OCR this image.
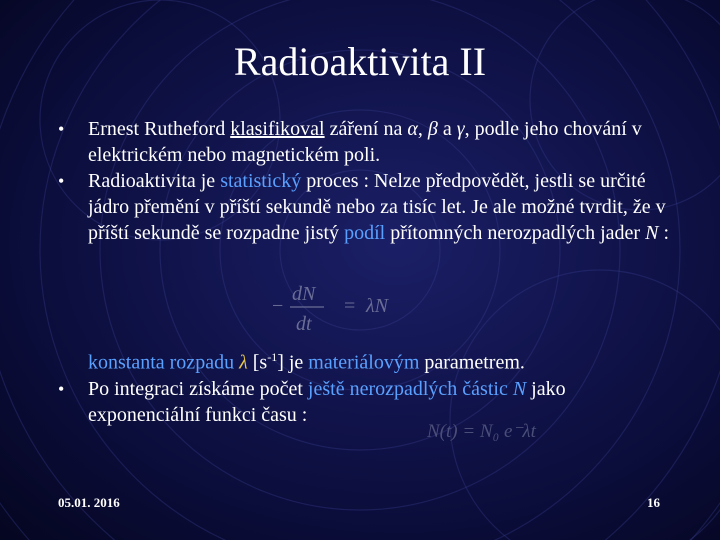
Radioaktivita II
• Ernest Rutheford klasifikoval záření na α, β a γ, podle jeho chování v elektrickém nebo magnetickém poli.
• Radioaktivita je statistický proces : Nelze předpovědět, jestli se určité jádro přemění v příští sekundě nebo za tisíc let. Je ale možné tvrdit, že v příští sekundě se rozpadne jistý podíl přítomných nerozpadlých jader N :
−
dN
dt
= λN
konstanta rozpadu λ $[s^{-1}]$ je materiálovým parametrem.
• Po integraci získáme počet ještě nerozpadlých částic N jako exponenciální funkci času :
N(t) = N₀ e⁻λt
05.01. 2016	16
